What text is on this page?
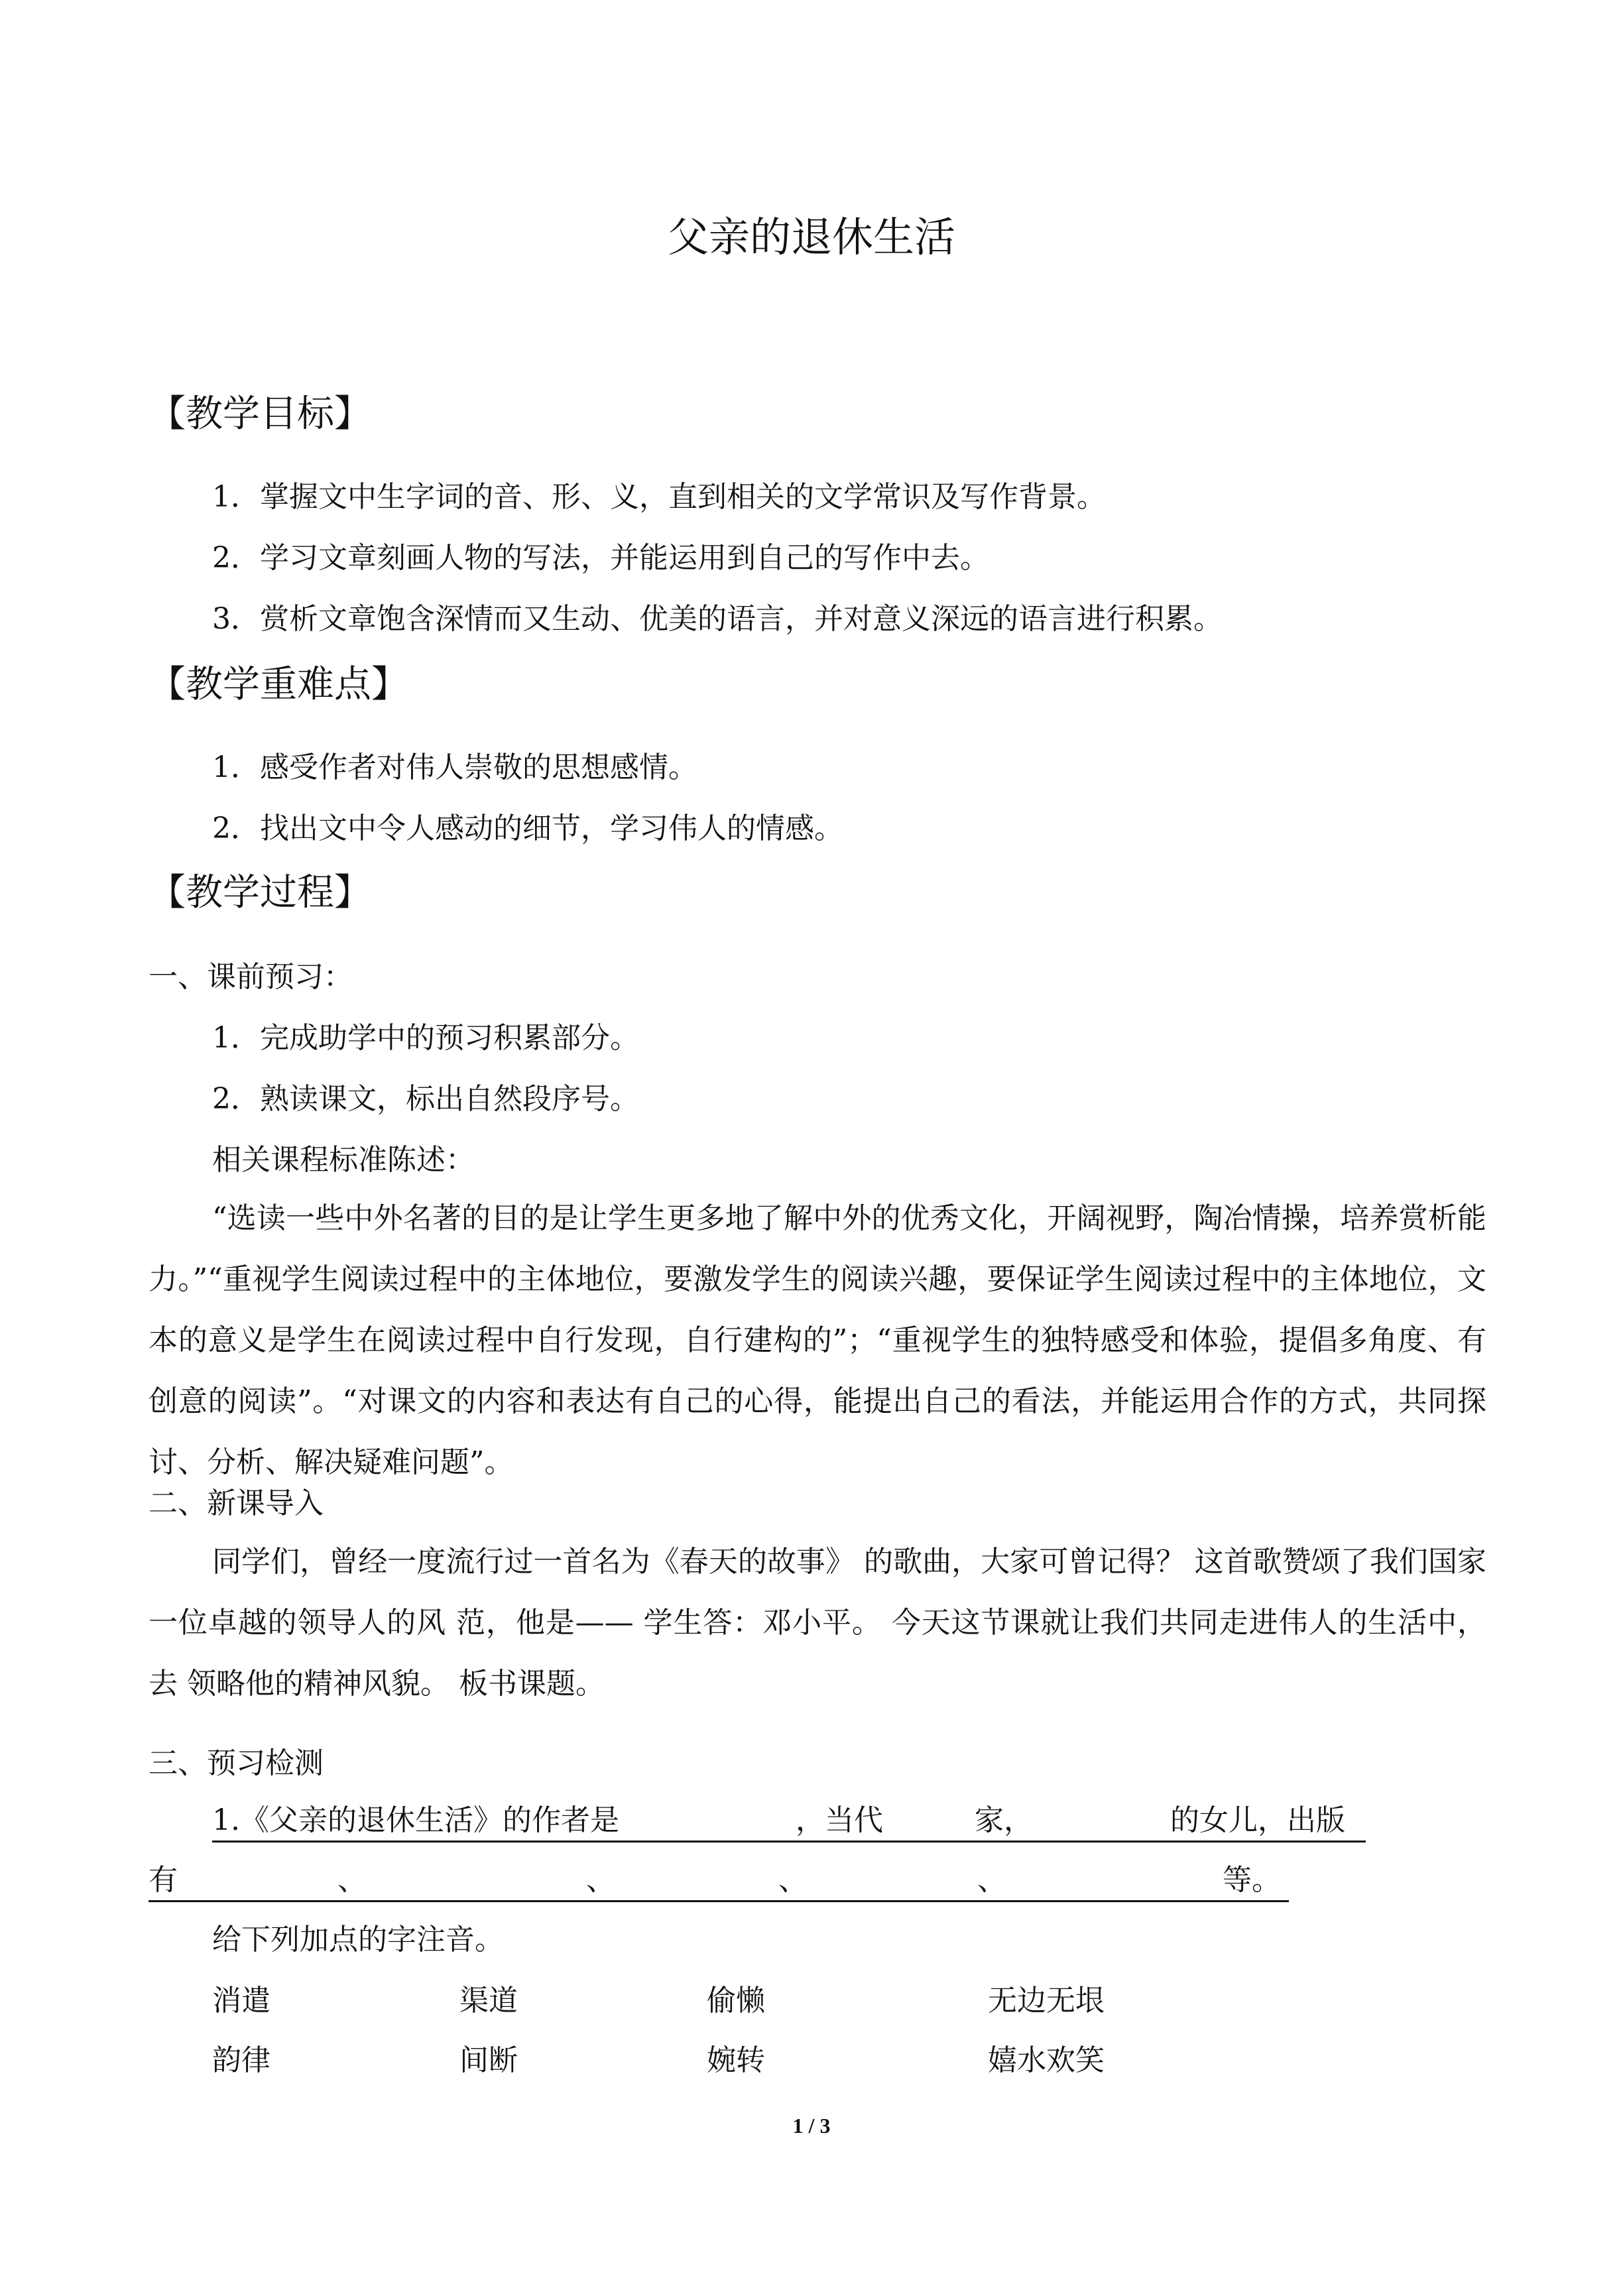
父亲的退休生活
【教学目标】
1．掌握文中生字词的音、形、义，直到相关的文学常识及写作背景。
2．学习文章刻画人物的写法，并能运用到自己的写作中去。
3．赏析文章饱含深情而又生动、优美的语言，并对意义深远的语言进行积累。
【教学重难点】
1．感受作者对伟人崇敬的思想感情。
2．找出文中令人感动的细节，学习伟人的情感。
【教学过程】
一、课前预习：
1．完成助学中的预习积累部分。
2．熟读课文，标出自然段序号。
相关课程标准陈述：
“选读一些中外名著的目的是让学生更多地了解中外的优秀文化，开阔视野，陶冶情操，培养赏析能力。”“重视学生阅读过程中的主体地位，要激发学生的阅读兴趣，要保证学生阅读过程中的主体地位，文本的意义是学生在阅读过程中自行发现，自行建构的”；“重视学生的独特感受和体验，提倡多角度、有创意的阅读”。“对课文的内容和表达有自己的心得，能提出自己的看法，并能运用合作的方式，共同探讨、分析、解决疑难问题”。
二、新课导入
同学们，曾经一度流行过一首名为《春天的故事》 的歌曲，大家可曾记得？ 这首歌赞颂了我们国家一位卓越的领导人的风 范，他是—— 学生答：邓小平。 今天这节课就让我们共同走进伟人的生活中，去 领略他的精神风貌。 板书课题。
三、预习检测
1.《父亲的退休生活》的作者是	，当代	家，	的女儿，出版
有	、	、	、	、	等。
给下列加点的字注音。
消遣	渠道	偷懒	无边无垠
韵律	间断	婉转	嬉水欢笑
1 / 3
